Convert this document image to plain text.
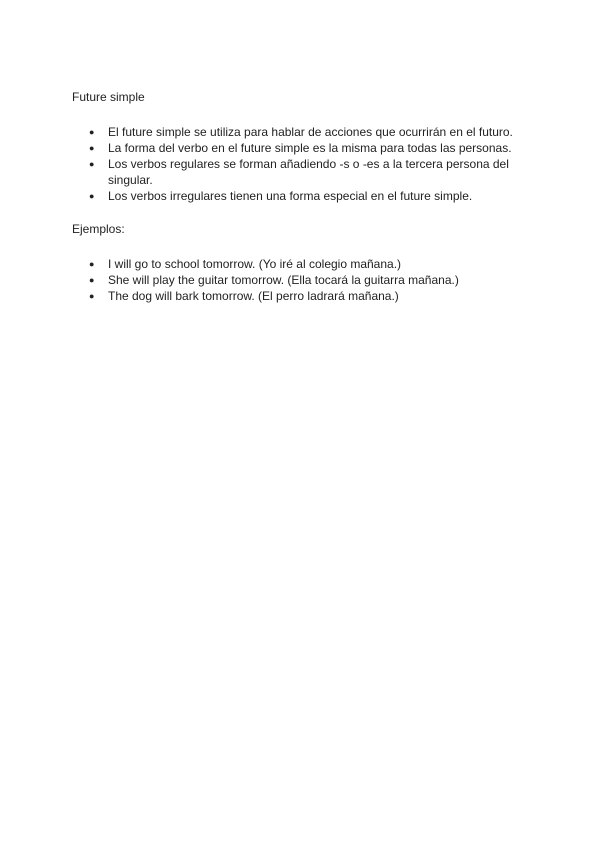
Future simple

● El future simple se utiliza para hablar de acciones que ocurrirán en el futuro.
● La forma del verbo en el future simple es la misma para todas las personas.
● Los verbos regulares se forman añadiendo -s o -es a la tercera persona del singular.
● Los verbos irregulares tienen una forma especial en el future simple.

Ejemplos:

● I will go to school tomorrow. (Yo iré al colegio mañana.)
● She will play the guitar tomorrow. (Ella tocará la guitarra mañana.)
● The dog will bark tomorrow. (El perro ladrará mañana.)
